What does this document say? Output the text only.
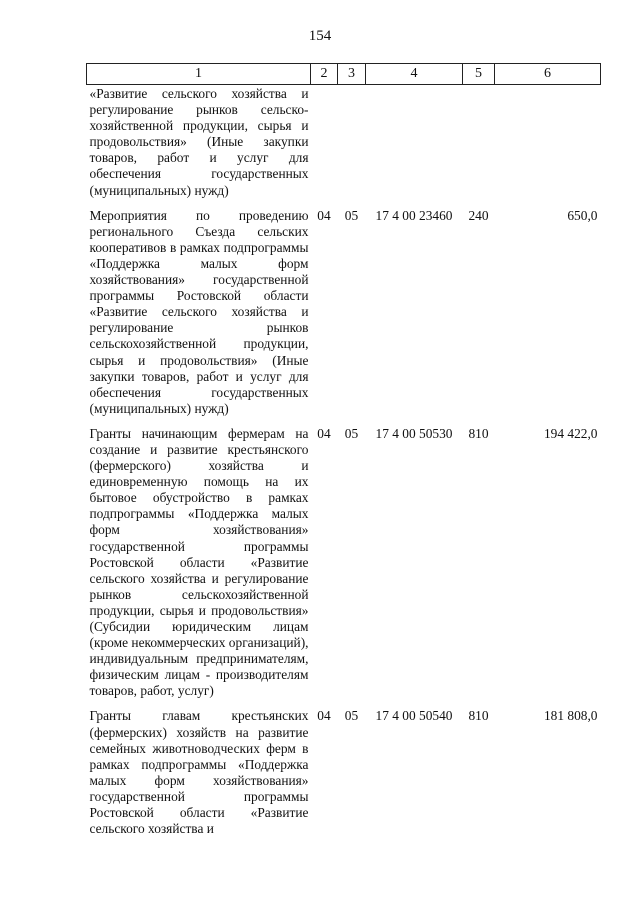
154
1	2	3	4	5	6
«Развитие сельского хозяйства и регулирование рынков сельско-хозяйственной продукции, сырья и продовольствия» (Иные закупки товаров, работ и услуг для обеспечения государственных (муниципальных) нужд)					
Мероприятия по проведению регионального Съезда сельских кооперативов в рамках подпрограммы «Поддержка малых форм хозяйствования» государственной программы Ростовской области «Развитие сельского хозяйства и регулирование рынков сельскохозяйственной продукции, сырья и продовольствия» (Иные закупки товаров, работ и услуг для обеспечения государственных (муниципальных) нужд)	04	05	17 4 00 23460	240	650,0
Гранты начинающим фермерам на создание и развитие крестьянского (фермерского) хозяйства и единовременную помощь на их бытовое обустройство в рамках подпрограммы «Поддержка малых форм хозяйствования» государственной программы Ростовской области «Развитие сельского хозяйства и регулирование рынков сельскохозяйственной продукции, сырья и продовольствия» (Субсидии юридическим лицам (кроме некоммерческих организаций), индивидуальным предпринимателям, физическим лицам - производителям товаров, работ, услуг)	04	05	17 4 00 50530	810	194 422,0
Гранты главам крестьянских (фермерских) хозяйств на развитие семейных животноводческих ферм в рамках подпрограммы «Поддержка малых форм хозяйствования» государственной программы Ростовской области «Развитие сельского хозяйства и	04	05	17 4 00 50540	810	181 808,0
